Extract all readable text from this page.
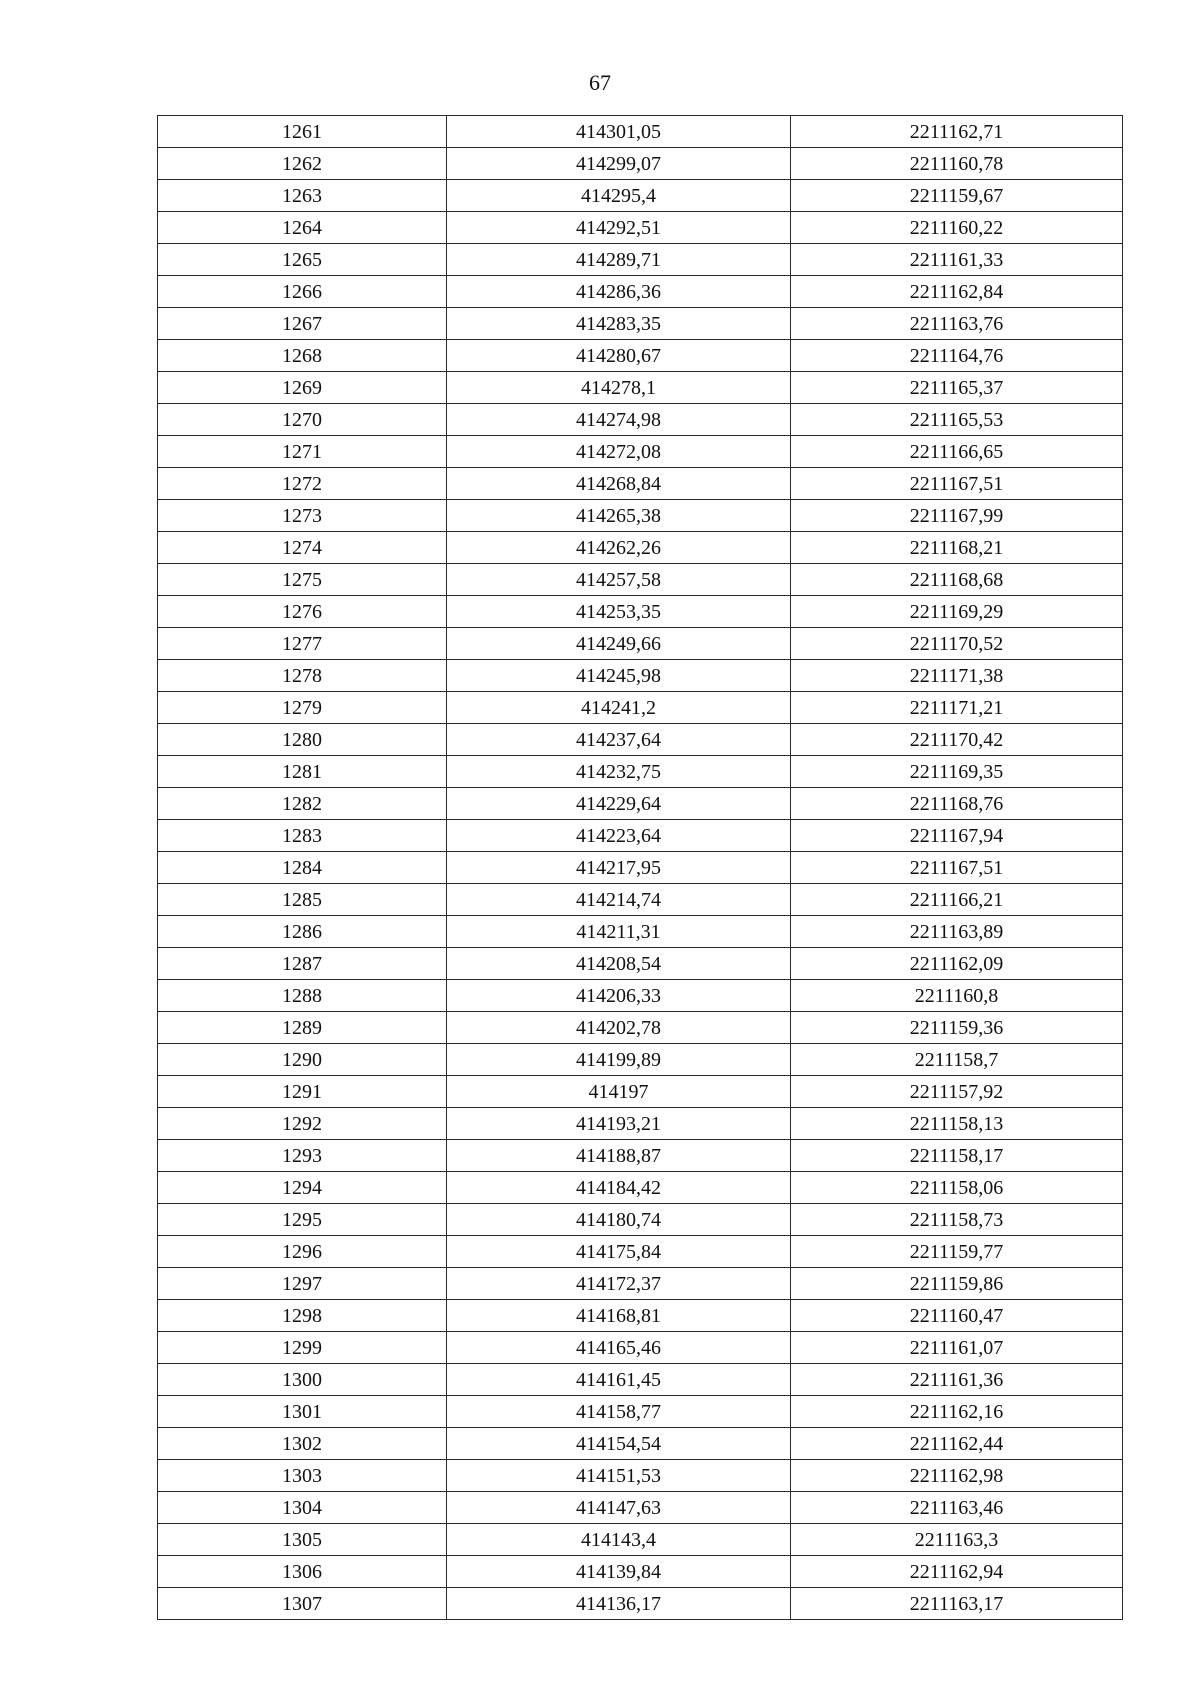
67
1261	414301,05	2211162,71
1262	414299,07	2211160,78
1263	414295,4	2211159,67
1264	414292,51	2211160,22
1265	414289,71	2211161,33
1266	414286,36	2211162,84
1267	414283,35	2211163,76
1268	414280,67	2211164,76
1269	414278,1	2211165,37
1270	414274,98	2211165,53
1271	414272,08	2211166,65
1272	414268,84	2211167,51
1273	414265,38	2211167,99
1274	414262,26	2211168,21
1275	414257,58	2211168,68
1276	414253,35	2211169,29
1277	414249,66	2211170,52
1278	414245,98	2211171,38
1279	414241,2	2211171,21
1280	414237,64	2211170,42
1281	414232,75	2211169,35
1282	414229,64	2211168,76
1283	414223,64	2211167,94
1284	414217,95	2211167,51
1285	414214,74	2211166,21
1286	414211,31	2211163,89
1287	414208,54	2211162,09
1288	414206,33	2211160,8
1289	414202,78	2211159,36
1290	414199,89	2211158,7
1291	414197	2211157,92
1292	414193,21	2211158,13
1293	414188,87	2211158,17
1294	414184,42	2211158,06
1295	414180,74	2211158,73
1296	414175,84	2211159,77
1297	414172,37	2211159,86
1298	414168,81	2211160,47
1299	414165,46	2211161,07
1300	414161,45	2211161,36
1301	414158,77	2211162,16
1302	414154,54	2211162,44
1303	414151,53	2211162,98
1304	414147,63	2211163,46
1305	414143,4	2211163,3
1306	414139,84	2211162,94
1307	414136,17	2211163,17
